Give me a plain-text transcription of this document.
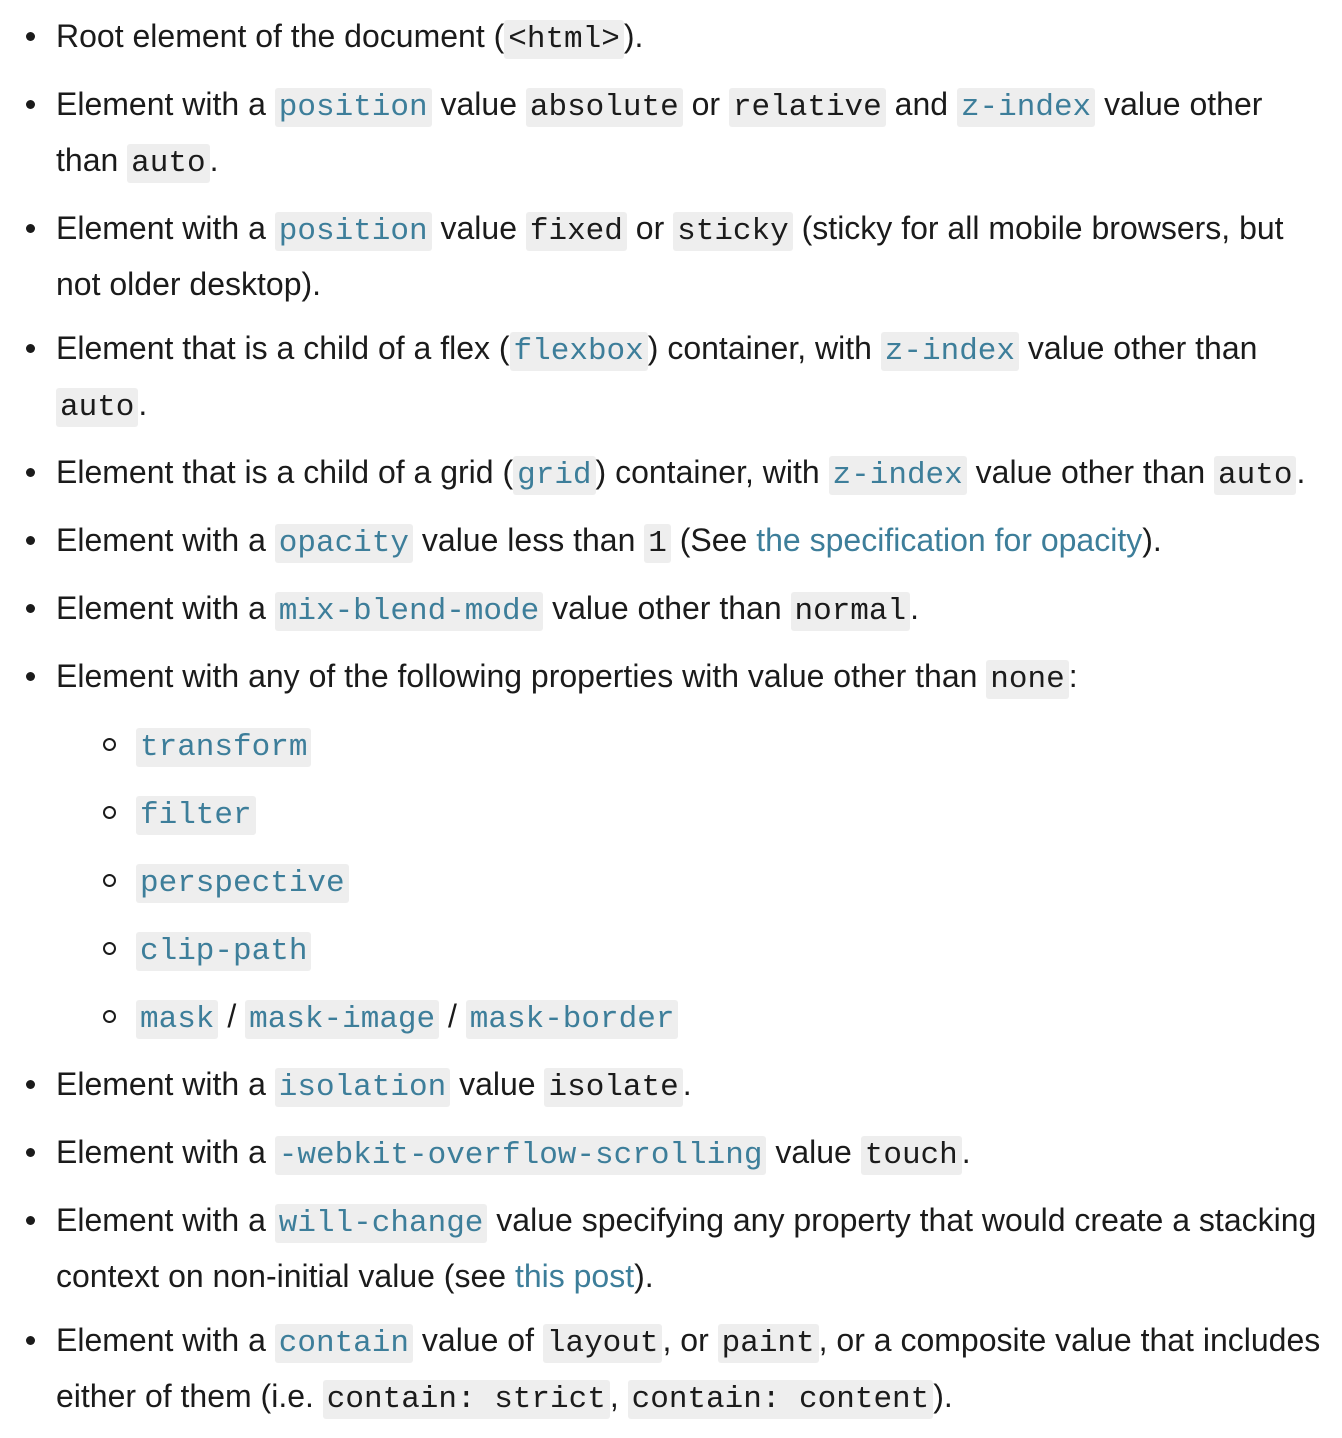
Root element of the document ( <html> ).
Element with a position value absolute or relative and z-index value other than auto .
Element with a position value fixed or sticky (sticky for all mobile browsers, but not older desktop).
Element that is a child of a flex ( flexbox ) container, with z-index value other than auto .
Element that is a child of a grid ( grid ) container, with z-index value other than auto .
Element with a opacity value less than 1 (See the specification for opacity).
Element with a mix-blend-mode value other than normal .
Element with any of the following properties with value other than none :
transform
filter
perspective
clip-path
mask / mask-image / mask-border
Element with a isolation value isolate .
Element with a -webkit-overflow-scrolling value touch .
Element with a will-change value specifying any property that would create a stacking context on non-initial value (see this post).
Element with a contain value of layout , or paint , or a composite value that includes either of them (i.e. contain: strict , contain: content ).
